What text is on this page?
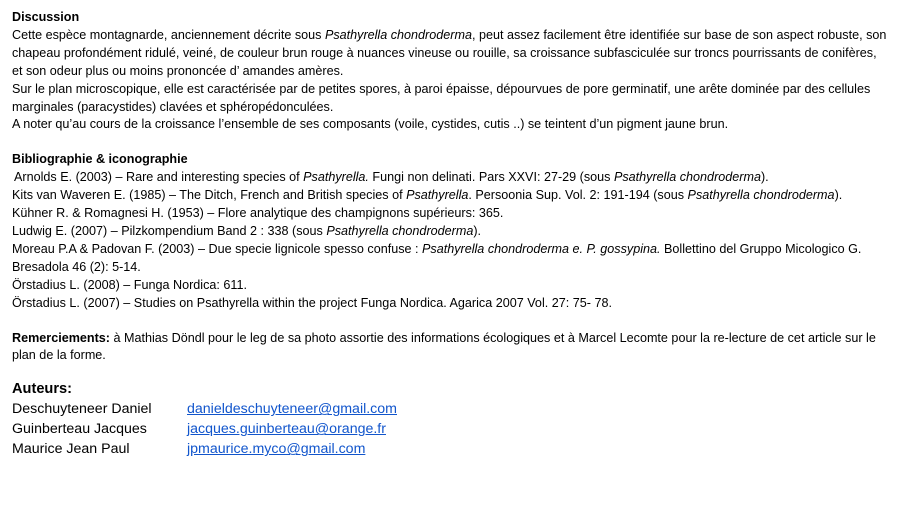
Discussion

Cette espèce montagnarde, anciennement décrite sous Psathyrella chondroderma, peut assez facilement être identifiée sur base de son aspect robuste, son chapeau profondément ridulé, veiné, de couleur brun rouge à nuances vineuse ou rouille, sa croissance subfasciculée sur troncs pourrissants de conifères, et son odeur plus ou moins prononcée d’ amandes amères.

Sur le plan microscopique, elle est caractérisée par de petites spores, à paroi épaisse, dépourvues de pore germinatif, une arête dominée par des cellules marginales (paracystides) clavées et sphéropédonculées.

A noter qu’au cours de la croissance l’ensemble de ses composants (voile, cystides, cutis ..) se teintent d’un pigment jaune brun.

Bibliographie & iconographie

Arnolds E. (2003) – Rare and interesting species of Psathyrella. Fungi non delinati. Pars XXVI: 27-29 (sous Psathyrella chondroderma).

Kits van Waveren E. (1985) – The Ditch, French and British species of Psathyrella. Persoonia Sup. Vol. 2: 191-194 (sous Psathyrella chondroderma).

Kühner R. & Romagnesi H. (1953) – Flore analytique des champignons supérieurs: 365.

Ludwig E. (2007) – Pilzkompendium Band 2 : 338 (sous Psathyrella chondroderma).

Moreau P.A & Padovan F. (2003) – Due specie lignicole spesso confuse : Psathyrella chondroderma e. P. gossypina. Bollettino del Gruppo Micologico G. Bresadola 46 (2): 5-14.

Örstadius L. (2008) – Funga Nordica: 611.

Örstadius L. (2007) – Studies on Psathyrella within the project Funga Nordica. Agarica 2007 Vol. 27: 75- 78.

Remerciements: à Mathias Döndl pour le leg de sa photo assortie des informations écologiques et à Marcel Lecomte pour la re-lecture de cet article sur le plan de la forme.

Auteurs:
Deschuyteneer Daniel	danieldeschuyteneer@gmail.com
Guinberteau Jacques	jacques.guinberteau@orange.fr
Maurice Jean Paul	jpmaurice.myco@gmail.com
